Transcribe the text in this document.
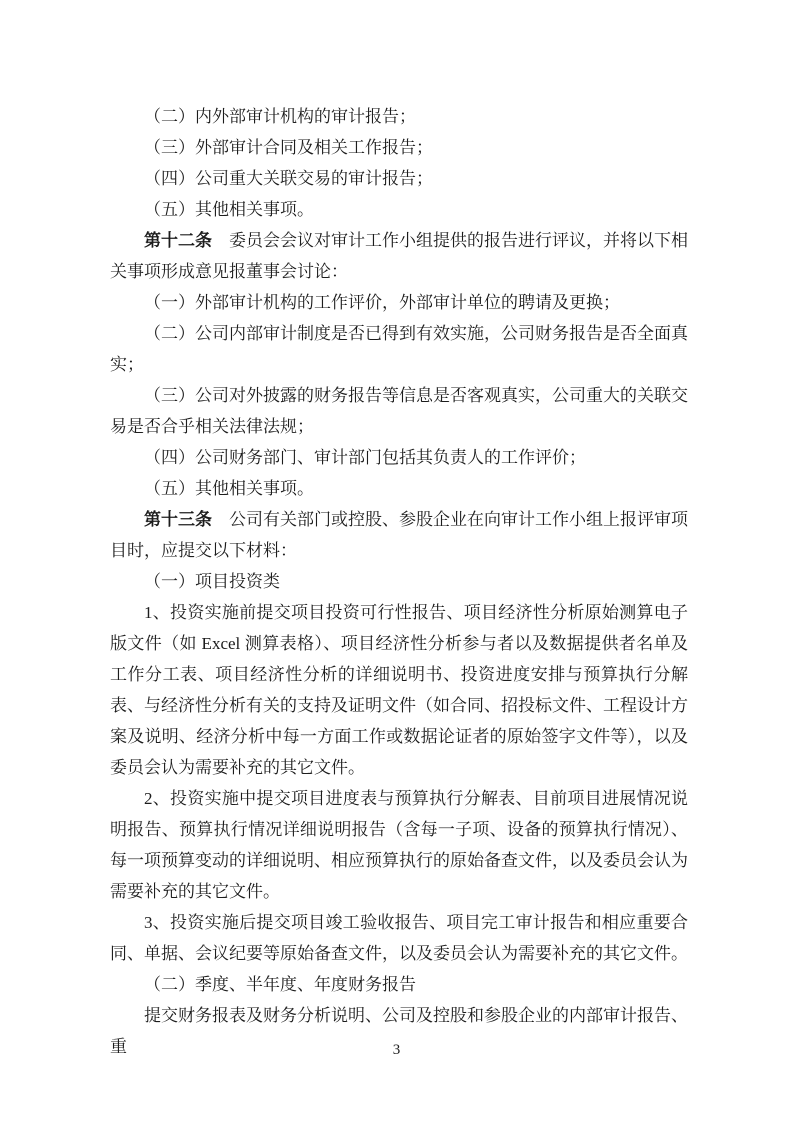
（二）内外部审计机构的审计报告；

（三）外部审计合同及相关工作报告；

（四）公司重大关联交易的审计报告；

（五）其他相关事项。

第十二条　委员会会议对审计工作小组提供的报告进行评议，并将以下相关事项形成意见报董事会讨论：

（一）外部审计机构的工作评价，外部审计单位的聘请及更换；

（二）公司内部审计制度是否已得到有效实施，公司财务报告是否全面真实；

（三）公司对外披露的财务报告等信息是否客观真实，公司重大的关联交易是否合乎相关法律法规；

（四）公司财务部门、审计部门包括其负责人的工作评价；

（五）其他相关事项。

第十三条　公司有关部门或控股、参股企业在向审计工作小组上报评审项目时，应提交以下材料：

（一）项目投资类

1、投资实施前提交项目投资可行性报告、项目经济性分析原始测算电子版文件（如 Excel 测算表格）、项目经济性分析参与者以及数据提供者名单及工作分工表、项目经济性分析的详细说明书、投资进度安排与预算执行分解表、与经济性分析有关的支持及证明文件（如合同、招投标文件、工程设计方案及说明、经济分析中每一方面工作或数据论证者的原始签字文件等），以及委员会认为需要补充的其它文件。

2、投资实施中提交项目进度表与预算执行分解表、目前项目进展情况说明报告、预算执行情况详细说明报告（含每一子项、设备的预算执行情况）、每一项预算变动的详细说明、相应预算执行的原始备查文件，以及委员会认为需要补充的其它文件。

3、投资实施后提交项目竣工验收报告、项目完工审计报告和相应重要合同、单据、会议纪要等原始备查文件，以及委员会认为需要补充的其它文件。

（二）季度、半年度、年度财务报告

提交财务报表及财务分析说明、公司及控股和参股企业的内部审计报告、重	3
